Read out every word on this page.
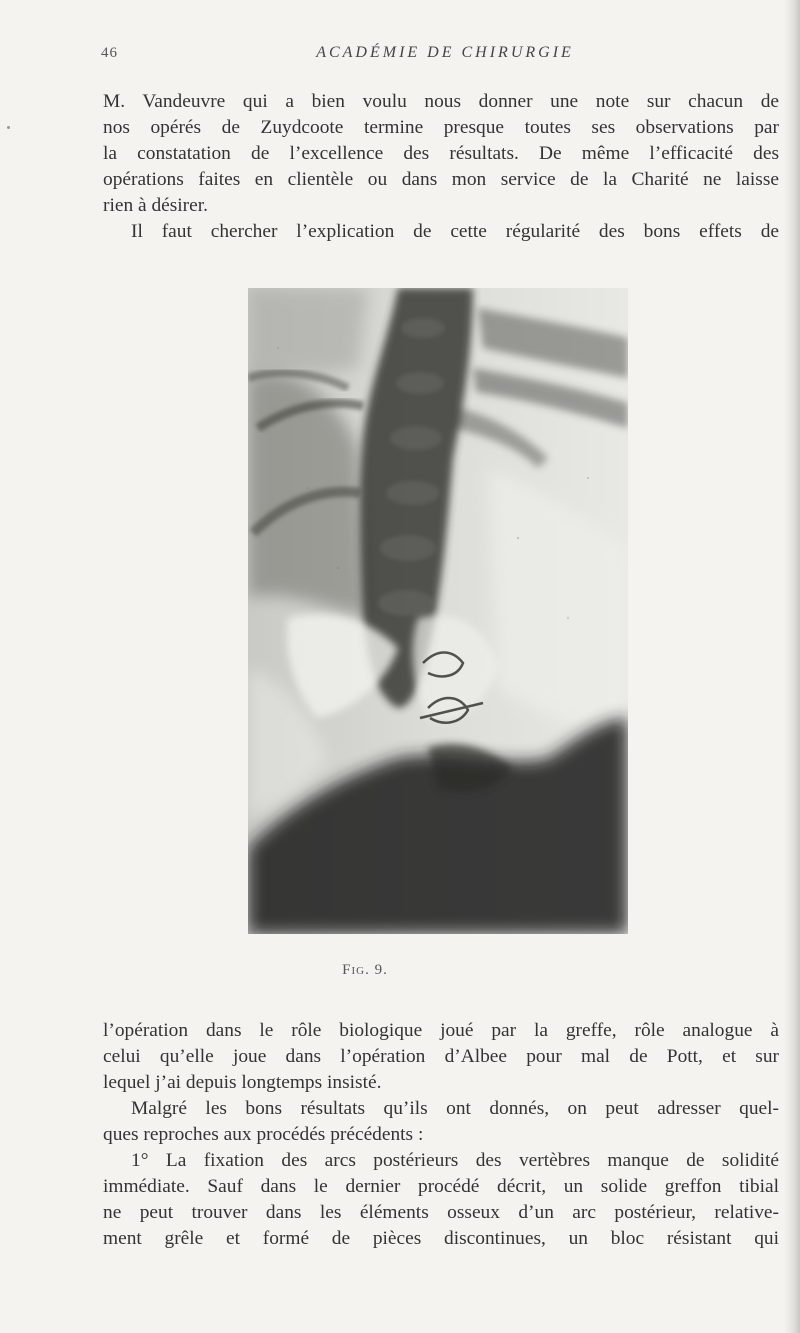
46	ACADÉMIE DE CHIRURGIE

M. Vandeuvre qui a bien voulu nous donner une note sur chacun de
nos opérés de Zuydcoote termine presque toutes ses observations par
la constatation de l’excellence des résultats. De même l’efficacité des
opérations faites en clientèle ou dans mon service de la Charité ne laisse
rien à désirer.

Il faut chercher l’explication de cette régularité des bons effets de

Fig. 9.

l’opération dans le rôle biologique joué par la greffe, rôle analogue à
celui qu’elle joue dans l’opération d’Albee pour mal de Pott, et sur
lequel j’ai depuis longtemps insisté.

Malgré les bons résultats qu’ils ont donnés, on peut adresser quel-
ques reproches aux procédés précédents :

1° La fixation des arcs postérieurs des vertèbres manque de solidité
immédiate. Sauf dans le dernier procédé décrit, un solide greffon tibial
ne peut trouver dans les éléments osseux d’un arc postérieur, relative-
ment grêle et formé de pièces discontinues, un bloc résistant qui
